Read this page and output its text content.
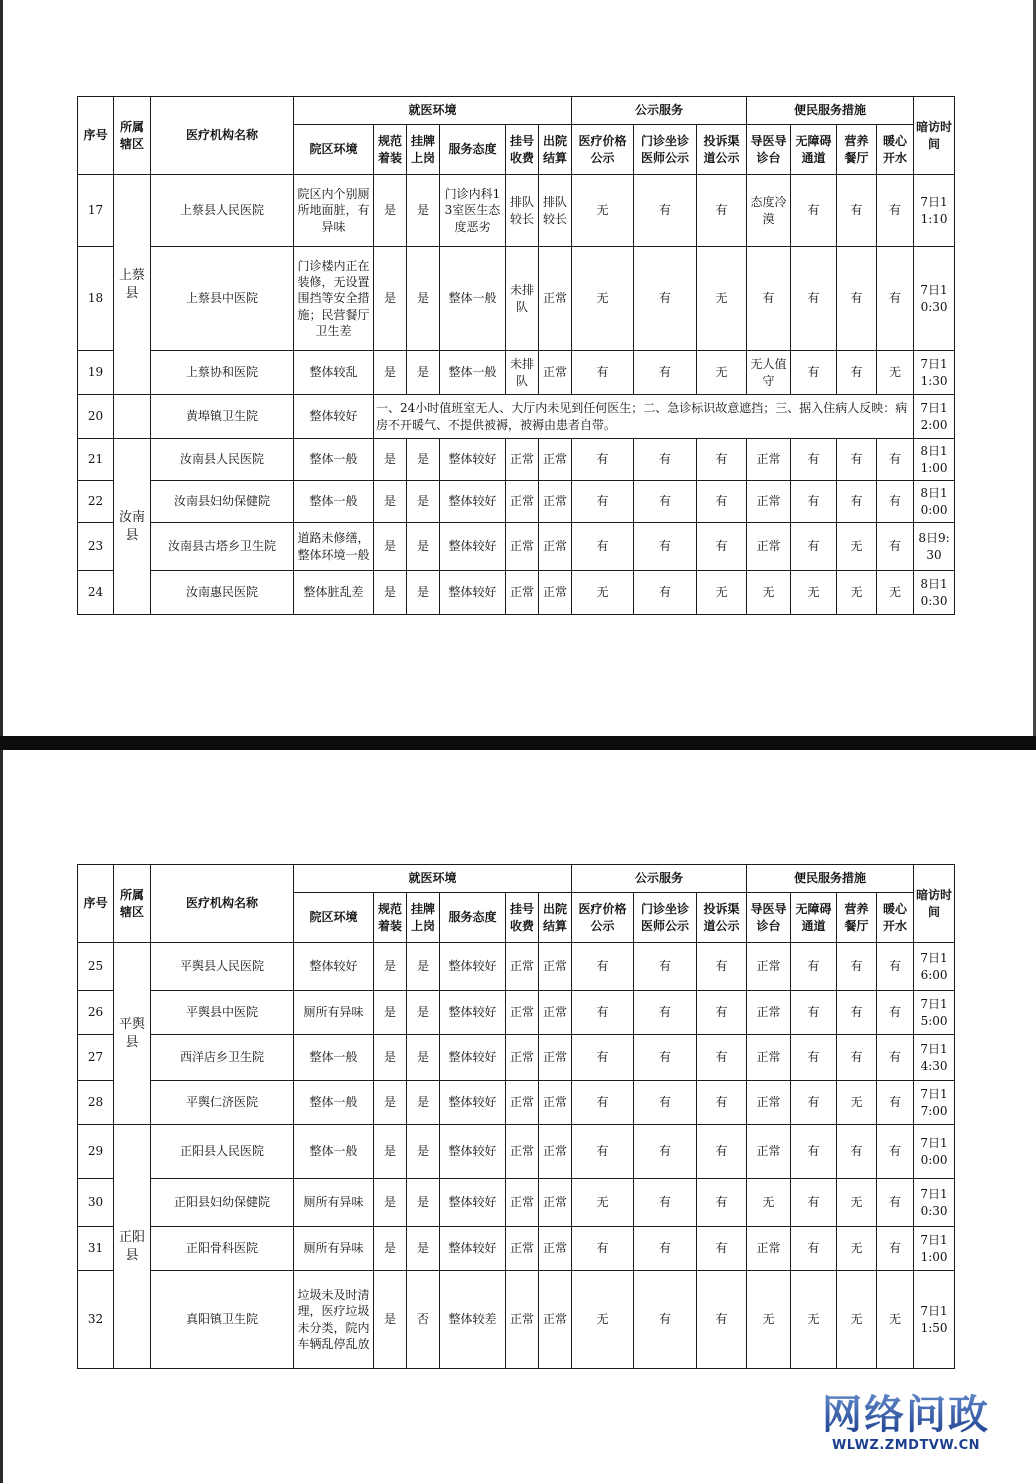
序号	所属辖区	医疗机构名称	就医环境						公示服务			便民服务措施				暗访时间
			院区环境	规范着装	挂牌上岗	服务态度	挂号收费	出院结算	医疗价格公示	门诊坐诊医师公示	投诉渠道公示	导医导诊台	无障碍通道	营养餐厅	暖心开水	
17	上蔡县	上蔡县人民医院	院区内个别厕所地面脏，有异味	是	是	门诊内科13室医生态度恶劣	排队较长	排队较长	无	有	有	态度冷漠	有	有	有	7日11:10
18		上蔡县中医院	门诊楼内正在装修，无设置围挡等安全措施；民营餐厅卫生差	是	是	整体一般	未排队	正常	无	有	无	有	有	有	有	7日10:30
19		上蔡协和医院	整体较乱	是	是	整体一般	未排队	正常	有	有	无	无人值守	有	有	无	7日11:30
20		黄埠镇卫生院	整体较好	一、24小时值班室无人、大厅内未见到任何医生；二、急诊标识故意遮挡；三、据入住病人反映：病房不开暖气、不提供被褥，被褥由患者自带。												7日12:00
21	汝南县	汝南县人民医院	整体一般	是	是	整体较好	正常	正常	有	有	有	正常	有	有	有	8日11:00
22		汝南县妇幼保健院	整体一般	是	是	整体较好	正常	正常	有	有	有	正常	有	有	有	8日10:00
23		汝南县古塔乡卫生院	道路未修缮，整体环境一般	是	是	整体较好	正常	正常	有	有	有	正常	有	无	有	8日9:30
24		汝南惠民医院	整体脏乱差	是	是	整体较好	正常	正常	无	有	无	无	无	无	无	8日10:30
序号	所属辖区	医疗机构名称	就医环境						公示服务			便民服务措施				暗访时间
			院区环境	规范着装	挂牌上岗	服务态度	挂号收费	出院结算	医疗价格公示	门诊坐诊医师公示	投诉渠道公示	导医导诊台	无障碍通道	营养餐厅	暖心开水	
25	平舆县	平舆县人民医院	整体较好	是	是	整体较好	正常	正常	有	有	有	正常	有	有	有	7日16:00
26		平舆县中医院	厕所有异味	是	是	整体较好	正常	正常	有	有	有	正常	有	有	有	7日15:00
27		西洋店乡卫生院	整体一般	是	是	整体较好	正常	正常	有	有	有	正常	有	有	有	7日14:30
28		平舆仁济医院	整体一般	是	是	整体较好	正常	正常	有	有	有	正常	有	无	有	7日17:00
29	正阳县	正阳县人民医院	整体一般	是	是	整体较好	正常	正常	有	有	有	正常	有	有	有	7日10:00
30		正阳县妇幼保健院	厕所有异味	是	是	整体较好	正常	正常	无	有	有	无	有	无	有	7日10:30
31		正阳骨科医院	厕所有异味	是	是	整体较好	正常	正常	有	有	有	正常	有	无	有	7日11:00
32		真阳镇卫生院	垃圾未及时清理，医疗垃圾未分类，院内车辆乱停乱放	是	否	整体较差	正常	正常	无	有	有	无	无	无	无	7日11:50
网络问政
WLWZ.ZMDTVW.CN
